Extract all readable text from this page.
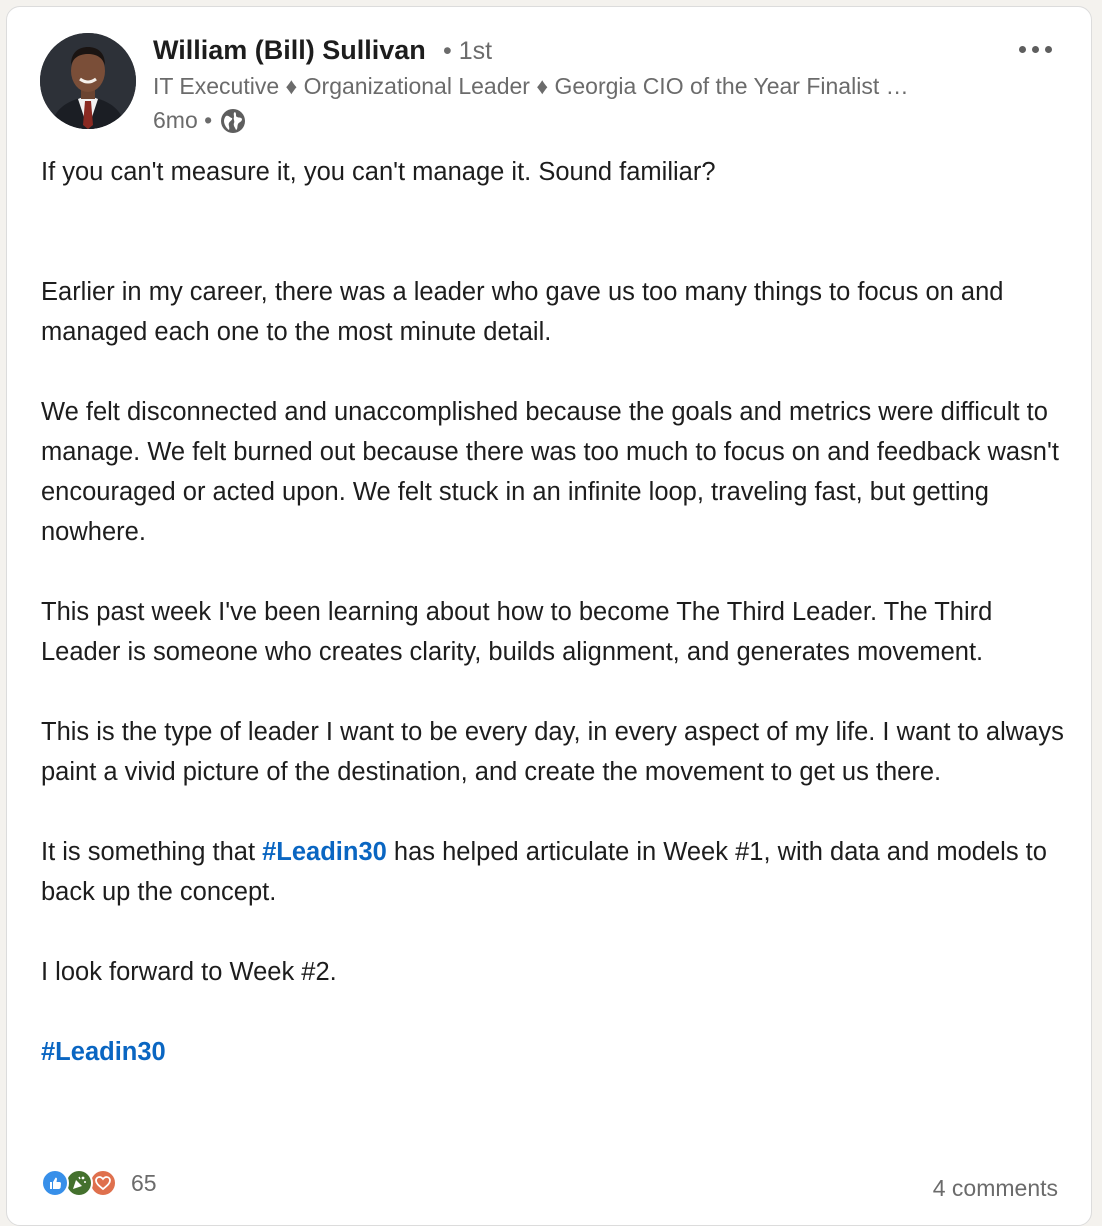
William (Bill) Sullivan • 1st
IT Executive ♦ Organizational Leader ♦ Georgia CIO of the Year Finalist …
6mo •

If you can't measure it, you can't manage it. Sound familiar?

Earlier in my career, there was a leader who gave us too many things to focus on and managed each one to the most minute detail.

We felt disconnected and unaccomplished because the goals and metrics were difficult to manage. We felt burned out because there was too much to focus on and feedback wasn't encouraged or acted upon. We felt stuck in an infinite loop, traveling fast, but getting nowhere.

This past week I've been learning about how to become The Third Leader. The Third Leader is someone who creates clarity, builds alignment, and generates movement.

This is the type of leader I want to be every day, in every aspect of my life. I want to always paint a vivid picture of the destination, and create the movement to get us there.

It is something that #Leadin30 has helped articulate in Week #1, with data and models to back up the concept.

I look forward to Week #2.

#Leadin30

65	4 comments
